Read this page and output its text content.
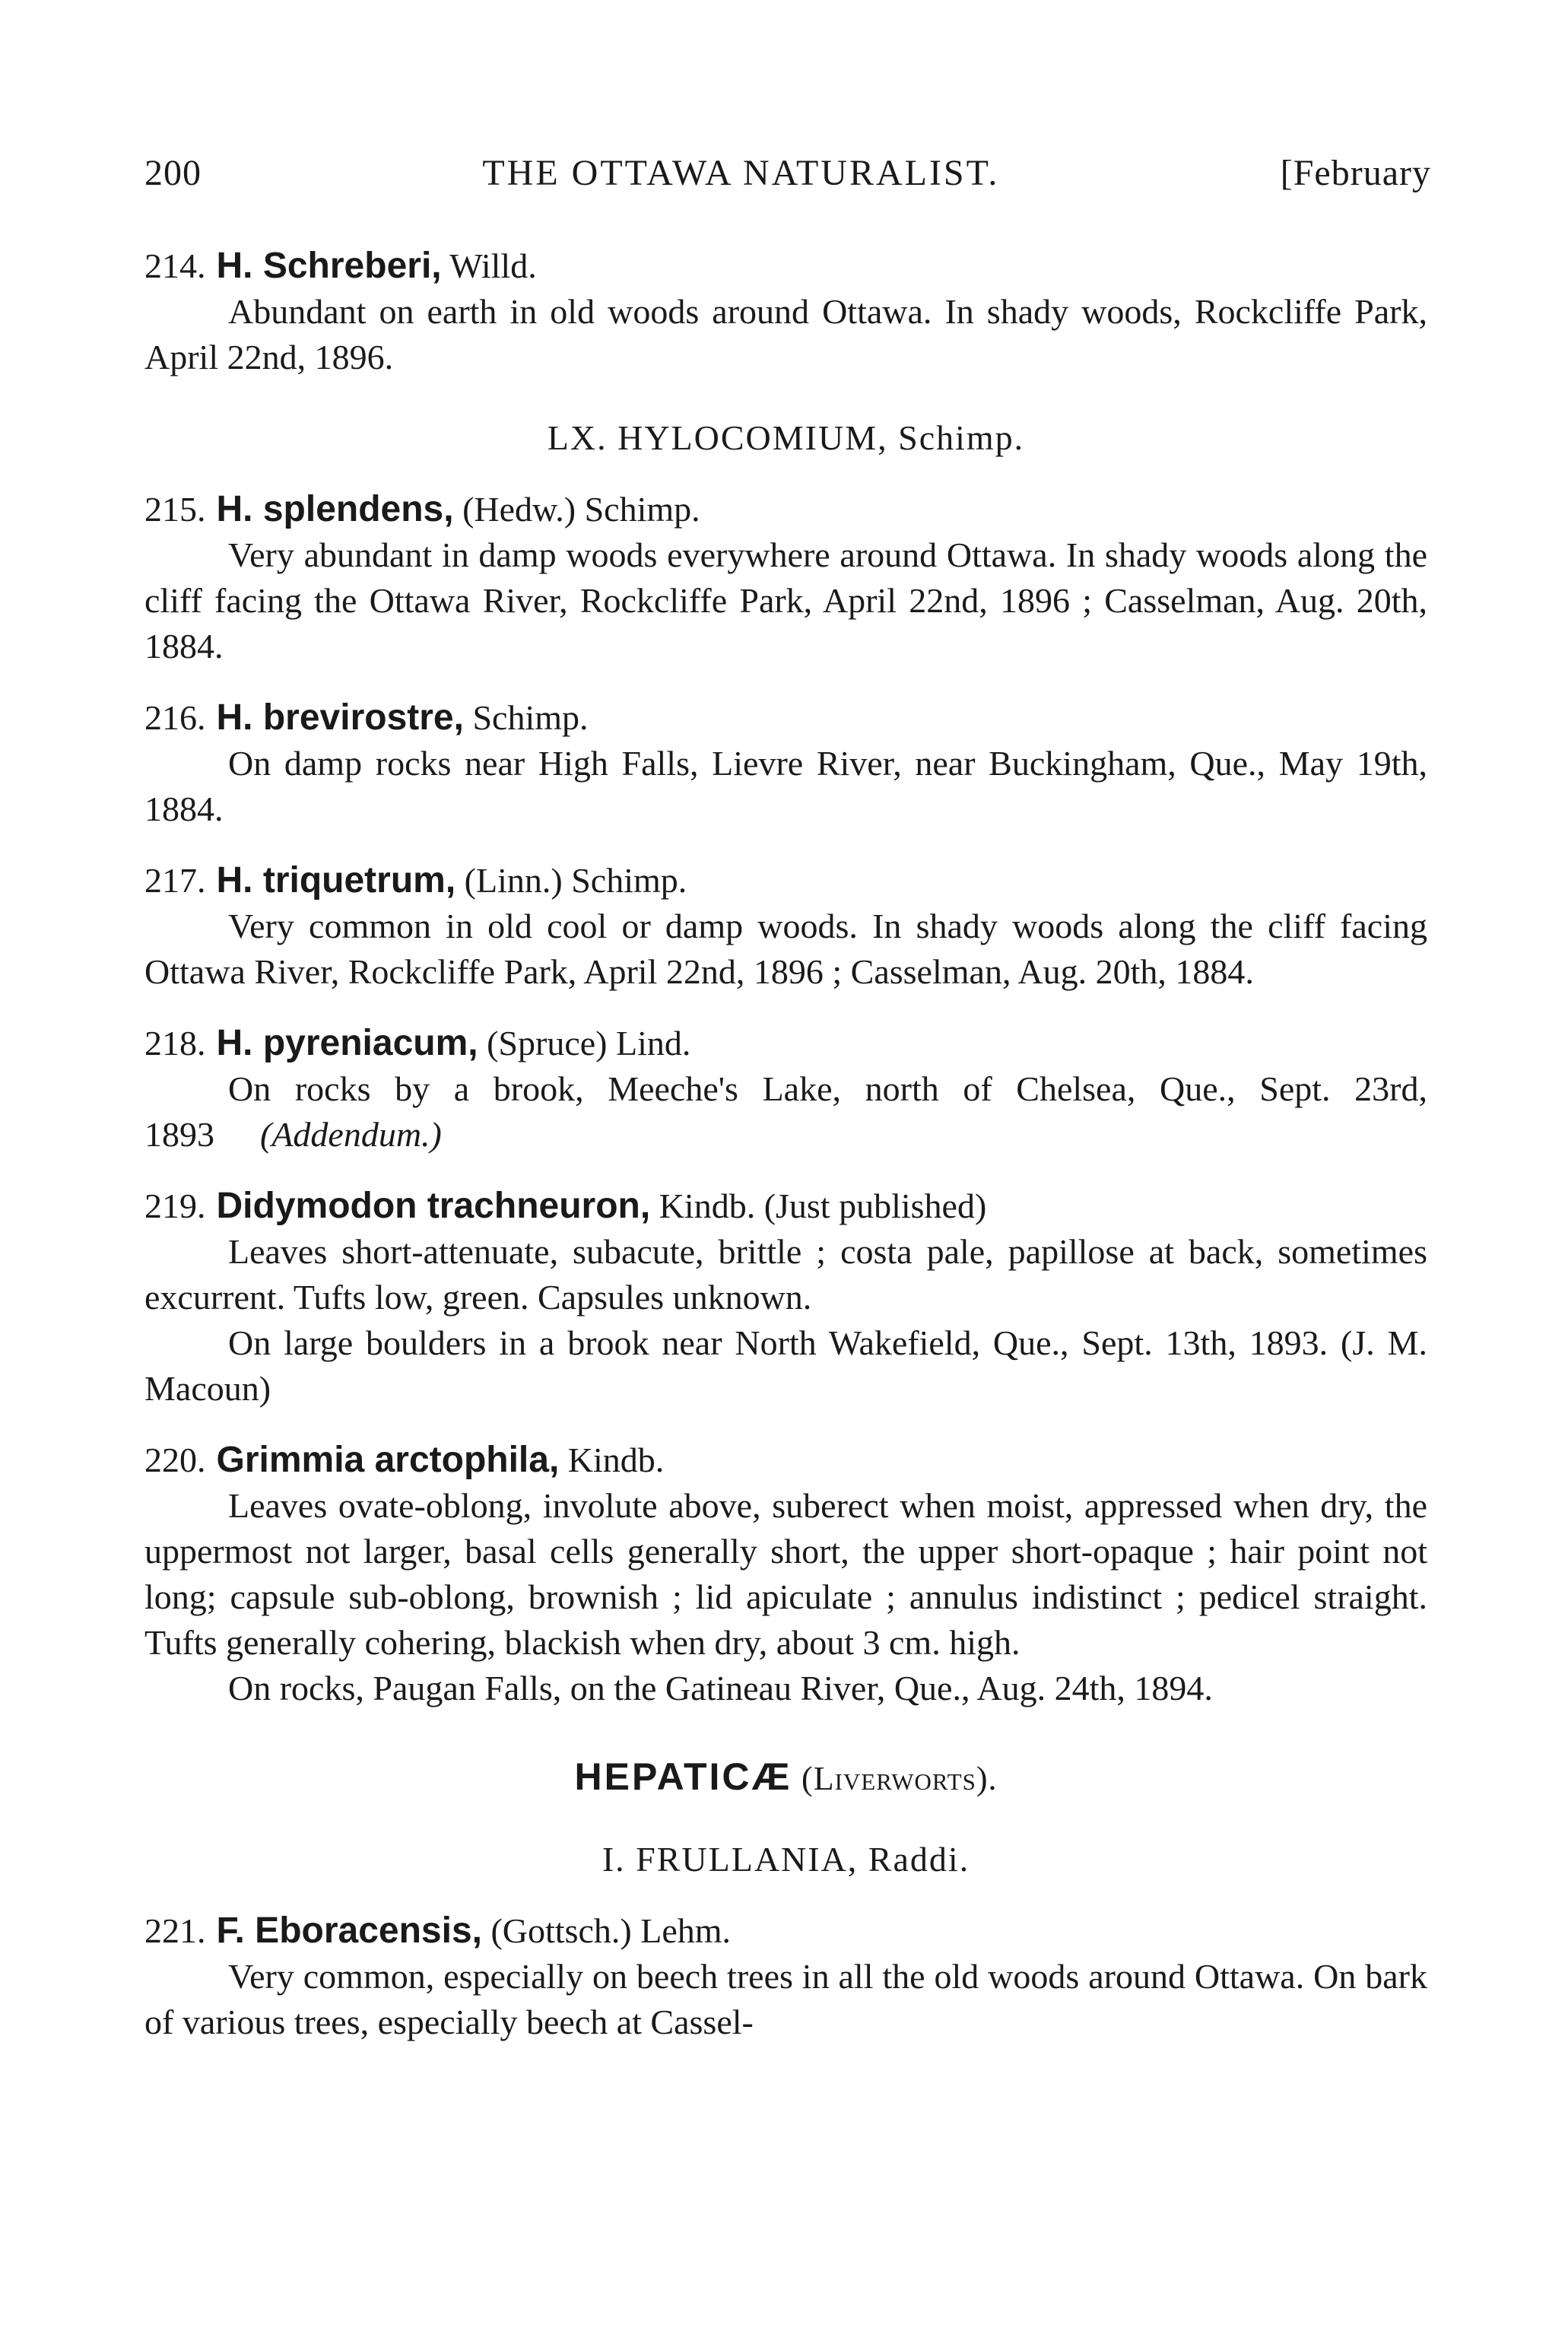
200	THE OTTAWA NATURALIST.	[February

214. H. Schreberi, Willd.

Abundant on earth in old woods around Ottawa. In shady woods, Rockcliffe Park, April 22nd, 1896.

LX. HYLOCOMIUM, Schimp.

215. H. splendens, (Hedw.) Schimp.

Very abundant in damp woods everywhere around Ottawa. In shady woods along the cliff facing the Ottawa River, Rockcliffe Park, April 22nd, 1896 ; Casselman, Aug. 20th, 1884.

216. H. brevirostre, Schimp.

On damp rocks near High Falls, Lievre River, near Buckingham, Que., May 19th, 1884.

217. H. triquetrum, (Linn.) Schimp.

Very common in old cool or damp woods. In shady woods along the cliff facing Ottawa River, Rockcliffe Park, April 22nd, 1896 ; Casselman, Aug. 20th, 1884.

218. H. pyreniacum, (Spruce) Lind.

On rocks by a brook, Meeche's Lake, north of Chelsea, Que., Sept. 23rd, 1893 (Addendum.)

219. Didymodon trachneuron, Kindb. (Just published)

Leaves short-attenuate, subacute, brittle ; costa pale, papillose at back, sometimes excurrent. Tufts low, green. Capsules unknown.

On large boulders in a brook near North Wakefield, Que., Sept. 13th, 1893. (J. M. Macoun)

220. Grimmia arctophila, Kindb.

Leaves ovate-oblong, involute above, suberect when moist, appressed when dry, the uppermost not larger, basal cells generally short, the upper short-opaque ; hair point not long; capsule sub-oblong, brownish ; lid apiculate ; annulus indistinct ; pedicel straight. Tufts generally cohering, blackish when dry, about 3 cm. high.

On rocks, Paugan Falls, on the Gatineau River, Que., Aug. 24th, 1894.

HEPATICÆ (Liverworts).
I. FRULLANIA, Raddi.

221. F. Eboracensis, (Gottsch.) Lehm.

Very common, especially on beech trees in all the old woods around Ottawa. On bark of various trees, especially beech at Cassel-
